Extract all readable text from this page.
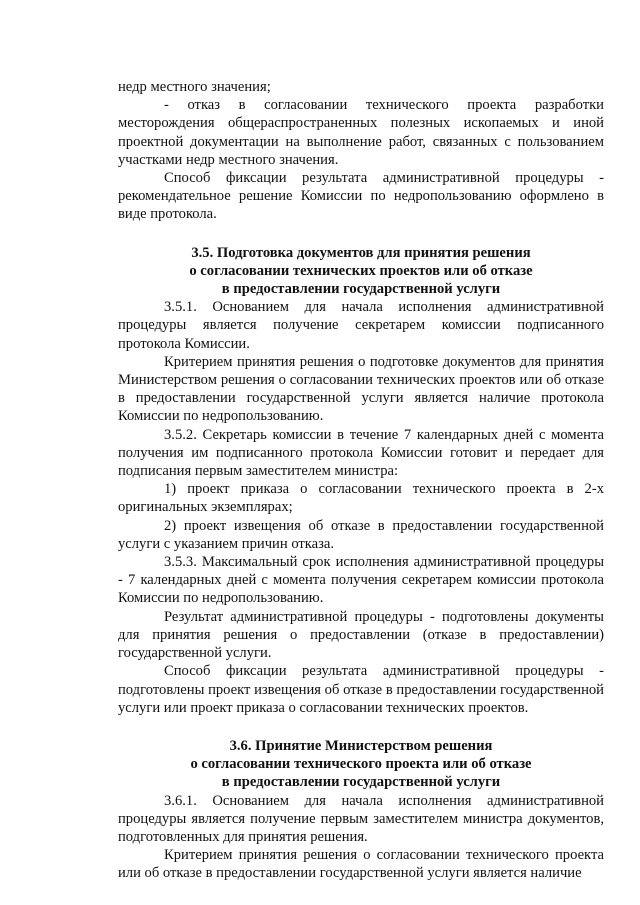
недр местного значения;

- отказ в согласовании технического проекта разработки месторождения общераспространенных полезных ископаемых и иной проектной документации на выполнение работ, связанных с пользованием участками недр местного значения.

Способ фиксации результата административной процедуры - рекомендательное решение Комиссии по недропользованию оформлено в виде протокола.

3.5. Подготовка документов для принятия решения

о согласовании технических проектов или об отказе

в предоставлении государственной услуги

3.5.1. Основанием для начала исполнения административной процедуры является получение секретарем комиссии подписанного протокола Комиссии.

Критерием принятия решения о подготовке документов для принятия Министерством решения о согласовании технических проектов или об отказе в предоставлении государственной услуги является наличие протокола Комиссии по недропользованию.

3.5.2. Секретарь комиссии в течение 7 календарных дней с момента получения им подписанного протокола Комиссии готовит и передает для подписания первым заместителем министра:

1) проект приказа о согласовании технического проекта в 2-х оригинальных экземплярах;

2) проект извещения об отказе в предоставлении государственной услуги с указанием причин отказа.

3.5.3. Максимальный срок исполнения административной процедуры - 7 календарных дней с момента получения секретарем комиссии протокола Комиссии по недропользованию.

Результат административной процедуры - подготовлены документы для принятия решения о предоставлении (отказе в предоставлении) государственной услуги.

Способ фиксации результата административной процедуры - подготовлены проект извещения об отказе в предоставлении государственной услуги или проект приказа о согласовании технических проектов.

3.6. Принятие Министерством решения

о согласовании технического проекта или об отказе

в предоставлении государственной услуги

3.6.1. Основанием для начала исполнения административной процедуры является получение первым заместителем министра документов, подготовленных для принятия решения.

Критерием принятия решения о согласовании технического проекта или об отказе в предоставлении государственной услуги является наличие
